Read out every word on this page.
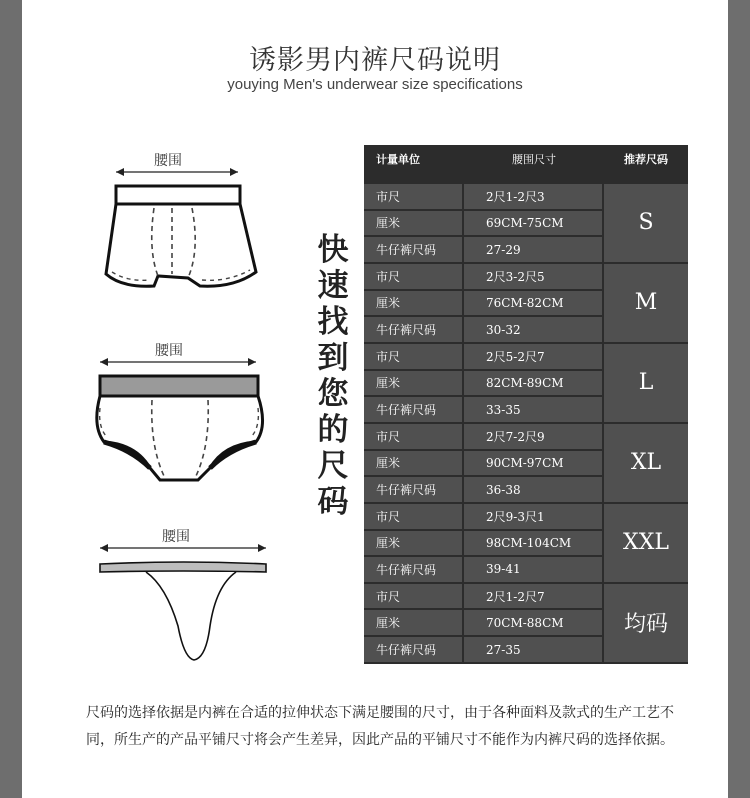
诱影男内裤尺码说明
youying Men's underwear size specifications
腰围
腰围
腰围
快
速
找
到
您
的
尺
码
计量单位	腰围尺寸	推荐尺码

市尺	2尺1-2尺3	S
厘米	69CM-75CM	
牛仔裤尺码	27-29	
市尺	2尺3-2尺5	M
厘米	76CM-82CM	
牛仔裤尺码	30-32	
市尺	2尺5-2尺7	L
厘米	82CM-89CM	
牛仔裤尺码	33-35	
市尺	2尺7-2尺9	XL
厘米	90CM-97CM	
牛仔裤尺码	36-38	
市尺	2尺9-3尺1	XXL
厘米	98CM-104CM	
牛仔裤尺码	39-41	
市尺	2尺1-2尺7	均码
厘米	70CM-88CM	
牛仔裤尺码	27-35	
尺码的选择依据是内裤在合适的拉伸状态下满足腰围的尺寸，由于各种面料及款式的生产工艺不同，所生产的产品平铺尺寸将会产生差异，因此产品的平铺尺寸不能作为内裤尺码的选择依据。
